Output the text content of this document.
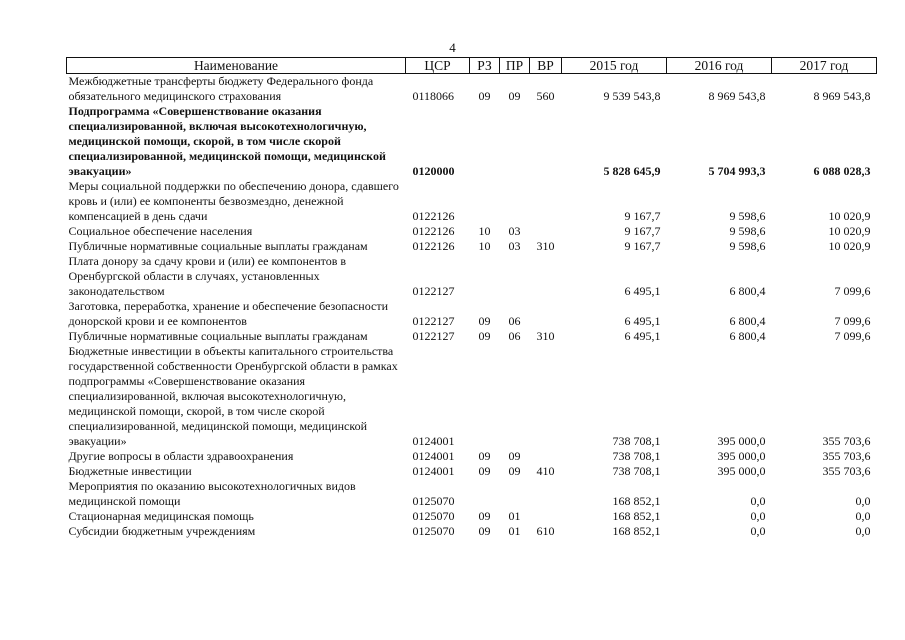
4
Наименование	ЦСР	РЗ	ПР	ВР	2015 год	2016 год	2017 год
Межбюджетные трансферты бюджету Федерального фонда обязательного медицинского страхования	0118066	09	09	560	9 539 543,8	8 969 543,8	8 969 543,8
Подпрограмма «Совершенствование оказания специализированной, включая высокотехнологичную, медицинской помощи, скорой, в том числе скорой специализированной, медицинской помощи, медицинской эвакуации»	0120000				5 828 645,9	5 704 993,3	6 088 028,3
Меры социальной поддержки по обеспечению донора, сдавшего кровь и (или) ее компоненты безвозмездно, денежной компенсацией в день сдачи	0122126				9 167,7	9 598,6	10 020,9
Социальное обеспечение населения	0122126	10	03		9 167,7	9 598,6	10 020,9
Публичные нормативные социальные выплаты гражданам	0122126	10	03	310	9 167,7	9 598,6	10 020,9
Плата донору за сдачу крови и (или) ее компонентов в Оренбургской области в случаях, установленных законодательством	0122127				6 495,1	6 800,4	7 099,6
Заготовка, переработка, хранение и обеспечение безопасности донорской крови и ее компонентов	0122127	09	06		6 495,1	6 800,4	7 099,6
Публичные нормативные социальные выплаты гражданам	0122127	09	06	310	6 495,1	6 800,4	7 099,6
Бюджетные инвестиции в объекты капитального строительства государственной собственности Оренбургской области в рамках подпрограммы «Совершенствование оказания специализированной, включая высокотехнологичную, медицинской помощи, скорой, в том числе скорой специализированной, медицинской помощи, медицинской эвакуации»	0124001				738 708,1	395 000,0	355 703,6
Другие вопросы в области здравоохранения	0124001	09	09		738 708,1	395 000,0	355 703,6
Бюджетные инвестиции	0124001	09	09	410	738 708,1	395 000,0	355 703,6
Мероприятия по оказанию высокотехнологичных видов медицинской помощи	0125070				168 852,1	0,0	0,0
Стационарная медицинская помощь	0125070	09	01		168 852,1	0,0	0,0
Субсидии бюджетным учреждениям	0125070	09	01	610	168 852,1	0,0	0,0
